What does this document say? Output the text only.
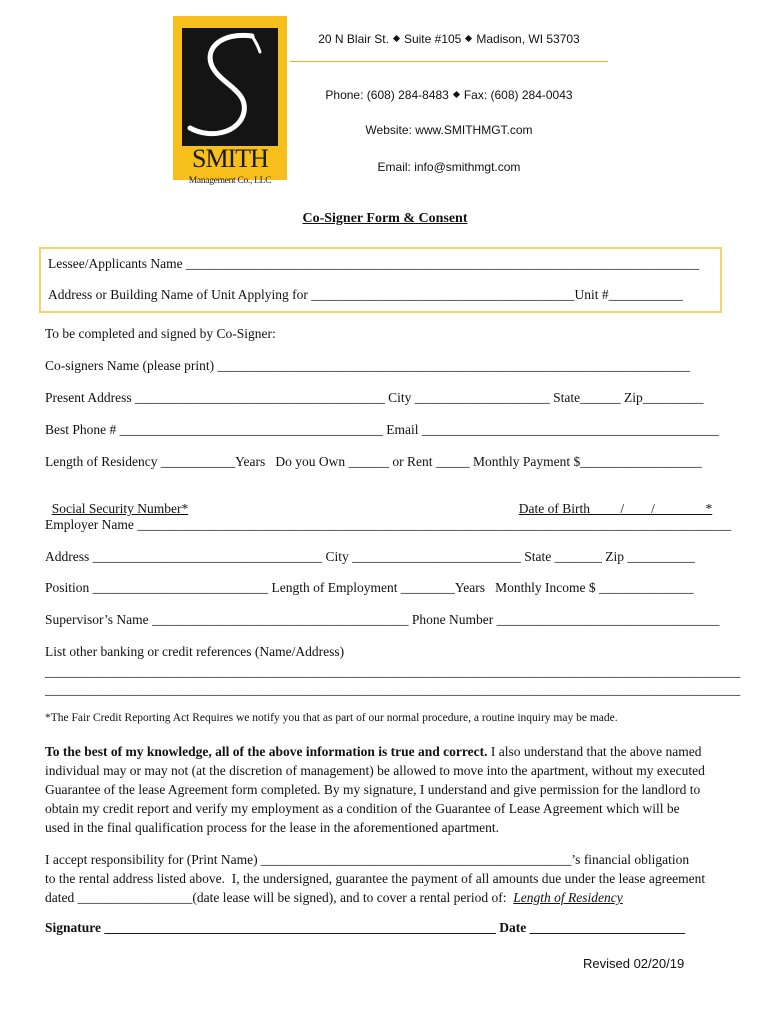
SMITH
Management Co., LLC
20 N Blair St. Suite #105 Madison, WI 53703
Phone: (608) 284-8483 Fax: (608) 284-0043
Website: www.SMITHMGT.com
Email: info@smithmgt.com
Co-Signer Form & Consent
Lessee/Applicants Name ____________________________________________________________________________
Address or Building Name of Unit Applying for _______________________________________Unit #___________
To be completed and signed by Co-Signer:
Co-signers Name (please print) ______________________________________________________________________
Present Address _____________________________________ City ____________________ State______ Zip_________
Best Phone # _______________________________________ Email ____________________________________________
Length of Residency ___________Years   Do you Own ______ or Rent _____ Monthly Payment $__________________

Social Security Number*	Date of Birth /        /	*

Employer Name ________________________________________________________________________________________
Address __________________________________ City _________________________ State _______ Zip __________
Position __________________________ Length of Employment ________Years   Monthly Income $ ______________
Supervisor’s Name ______________________________________ Phone Number _________________________________
List other banking or credit references (Name/Address)
_______________________________________________________________________________________________________
_______________________________________________________________________________________________________
*The Fair Credit Reporting Act Requires we notify you that as part of our normal procedure, a routine inquiry may be made.
To the best of my knowledge, all of the above information is true and correct. I also understand that the above named
individual may or may not (at the discretion of management) be allowed to move into the apartment, without my executed
Guarantee of the lease Agreement form completed. By my signature, I understand and give permission for the landlord to
obtain my credit report and verify my employment as a condition of the Guarantee of Lease Agreement which will be
used in the final qualification process for the lease in the aforementioned apartment.
I accept responsibility for (Print Name) ______________________________________________’s financial obligation
to the rental address listed above.  I, the undersigned, guarantee the payment of all amounts due under the lease agreement
dated _________________(date lease will be signed), and to cover a rental period of:  Length of Residency
Signature __________________________________________________________ Date _______________________
Revised 02/20/19
